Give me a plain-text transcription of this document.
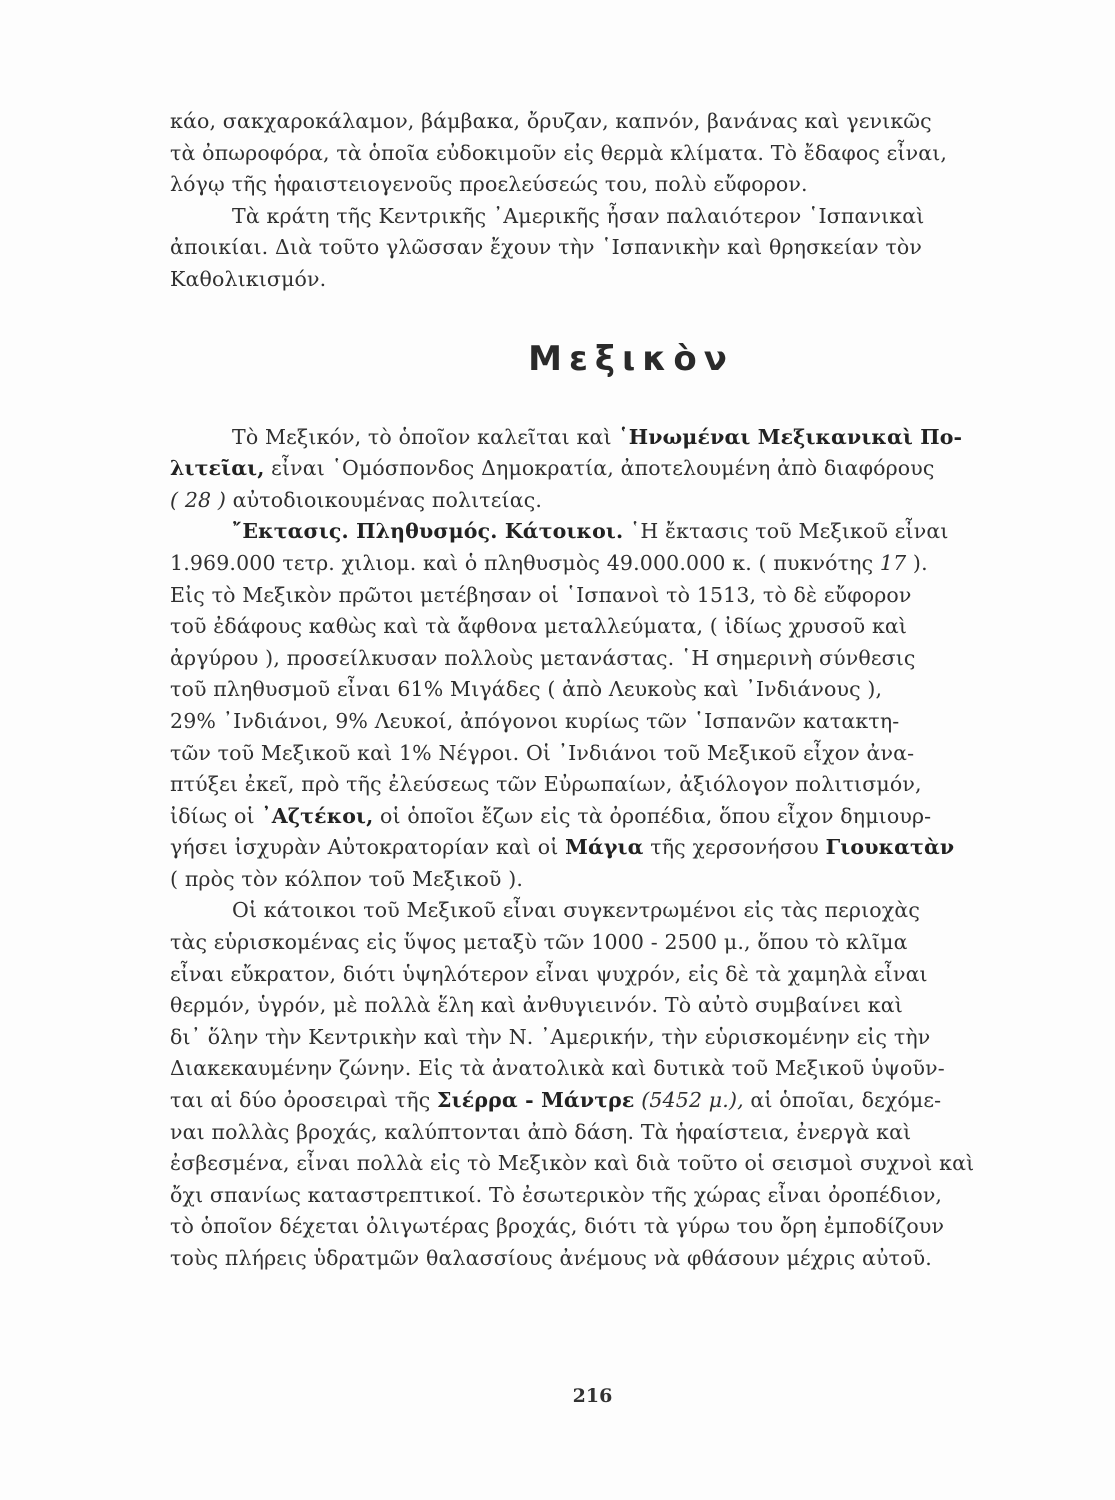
κάο, σακχαροκάλαμον, βάμβακα, ὄρυζαν, καπνόν, βανάνας καὶ γενικῶς
τὰ ὀπωροφόρα, τὰ ὁποῖα εὐδοκιμοῦν εἰς θερμὰ κλίματα. Τὸ ἔδαφος εἶναι,
λόγῳ τῆς ἡφαιστειογενοῦς προελεύσεώς του, πολὺ εὔφορον.
Τὰ κράτη τῆς Κεντρικῆς ᾿Αμερικῆς ἦσαν παλαιότερον ῾Ισπανικαὶ
ἀποικίαι. Διὰ τοῦτο γλῶσσαν ἔχουν τὴν ῾Ισπανικὴν καὶ θρησκείαν τὸν
Καθολικισμόν.
Μεξικὸν
Τὸ Μεξικόν, τὸ ὁποῖον καλεῖται καὶ ῾Ηνωμέναι Μεξικανικαὶ Πο-
λιτεῖαι, εἶναι ῾Ομόσπονδος Δημοκρατία, ἀποτελουμένη ἀπὸ διαφόρους
( 28 ) αὐτοδιοικουμένας πολιτείας.
῎Εκτασις. Πληθυσμός. Κάτοικοι. ῾Η ἔκτασις τοῦ Μεξικοῦ εἶναι
1.969.000 τετρ. χιλιομ. καὶ ὁ πληθυσμὸς 49.000.000 κ. ( πυκνότης 17 ).
Εἰς τὸ Μεξικὸν πρῶτοι μετέβησαν οἱ ῾Ισπανοὶ τὸ 1513, τὸ δὲ εὔφορον
τοῦ ἐδάφους καθὼς καὶ τὰ ἄφθονα μεταλλεύματα, ( ἰδίως χρυσοῦ καὶ
ἀργύρου ), προσείλκυσαν πολλοὺς μετανάστας. ῾Η σημερινὴ σύνθεσις
τοῦ πληθυσμοῦ εἶναι 61% Μιγάδες ( ἀπὸ Λευκοὺς καὶ ᾿Ινδιάνους ),
29% ᾿Ινδιάνοι, 9% Λευκοί, ἀπόγονοι κυρίως τῶν ῾Ισπανῶν κατακτη-
τῶν τοῦ Μεξικοῦ καὶ 1% Νέγροι. Οἱ ᾿Ινδιάνοι τοῦ Μεξικοῦ εἶχον ἀνα-
πτύξει ἐκεῖ, πρὸ τῆς ἐλεύσεως τῶν Εὐρωπαίων, ἀξιόλογον πολιτισμόν,
ἰδίως οἱ ᾿Αζτέκοι, οἱ ὁποῖοι ἔζων εἰς τὰ ὀροπέδια, ὅπου εἶχον δημιουρ-
γήσει ἰσχυρὰν Αὐτοκρατορίαν καὶ οἱ Μάγια τῆς χερσονήσου Γιουκατὰν
( πρὸς τὸν κόλπον τοῦ Μεξικοῦ ).
Οἱ κάτοικοι τοῦ Μεξικοῦ εἶναι συγκεντρωμένοι εἰς τὰς περιοχὰς
τὰς εὑρισκομένας εἰς ὕψος μεταξὺ τῶν 1000 - 2500 μ., ὅπου τὸ κλῖμα
εἶναι εὔκρατον, διότι ὑψηλότερον εἶναι ψυχρόν, εἰς δὲ τὰ χαμηλὰ εἶναι
θερμόν, ὑγρόν, μὲ πολλὰ ἕλη καὶ ἀνθυγιεινόν. Τὸ αὐτὸ συμβαίνει καὶ
δι᾿ ὅλην τὴν Κεντρικὴν καὶ τὴν Ν. ᾿Αμερικήν, τὴν εὑρισκομένην εἰς τὴν
Διακεκαυμένην ζώνην. Εἰς τὰ ἀνατολικὰ καὶ δυτικὰ τοῦ Μεξικοῦ ὑψοῦν-
ται αἱ δύο ὀροσειραὶ τῆς Σιέρρα - Μάντρε (5452 μ.), αἱ ὁποῖαι, δεχόμε-
ναι πολλὰς βροχάς, καλύπτονται ἀπὸ δάση. Τὰ ἡφαίστεια, ἐνεργὰ καὶ
ἐσβεσμένα, εἶναι πολλὰ εἰς τὸ Μεξικὸν καὶ διὰ τοῦτο οἱ σεισμοὶ συχνοὶ καὶ
ὄχι σπανίως καταστρεπτικοί. Τὸ ἐσωτερικὸν τῆς χώρας εἶναι ὀροπέδιον,
τὸ ὁποῖον δέχεται ὀλιγωτέρας βροχάς, διότι τὰ γύρω του ὄρη ἐμποδίζουν
τοὺς πλήρεις ὑδρατμῶν θαλασσίους ἀνέμους νὰ φθάσουν μέχρις αὐτοῦ.
216
